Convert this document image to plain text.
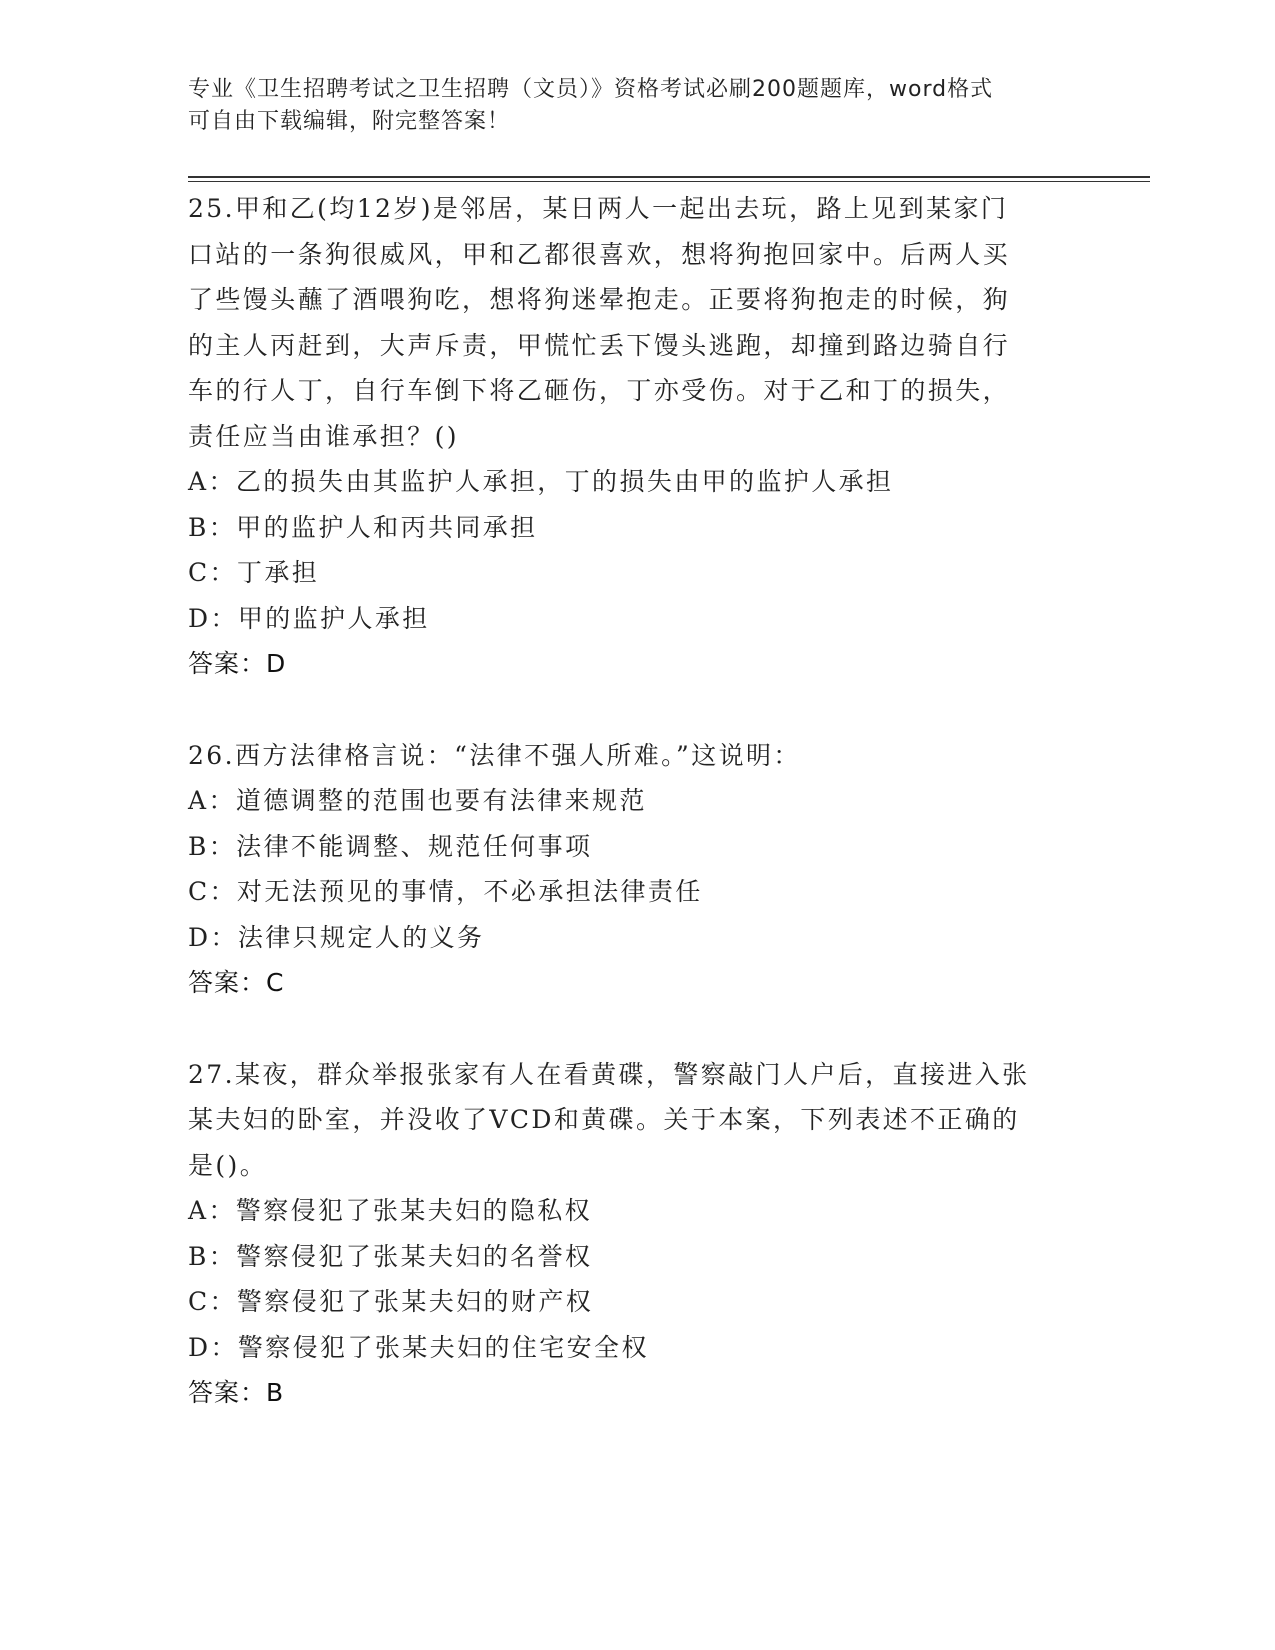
专业《卫生招聘考试之卫生招聘（文员）》资格考试必刷200题题库，word格式
可自由下载编辑，附完整答案！
25.甲和乙(均12岁)是邻居，某日两人一起出去玩，路上见到某家门
口站的一条狗很威风，甲和乙都很喜欢，想将狗抱回家中。后两人买
了些馒头蘸了酒喂狗吃，想将狗迷晕抱走。正要将狗抱走的时候，狗
的主人丙赶到，大声斥责，甲慌忙丢下馒头逃跑，却撞到路边骑自行
车的行人丁，自行车倒下将乙砸伤，丁亦受伤。对于乙和丁的损失，
责任应当由谁承担？()
A：乙的损失由其监护人承担，丁的损失由甲的监护人承担
B：甲的监护人和丙共同承担
C：丁承担
D：甲的监护人承担
答案：D
26.西方法律格言说：“法律不强人所难。”这说明：
A：道德调整的范围也要有法律来规范
B：法律不能调整、规范任何事项
C：对无法预见的事情，不必承担法律责任
D：法律只规定人的义务
答案：C
27.某夜，群众举报张家有人在看黄碟，警察敲门人户后，直接进入张
某夫妇的卧室，并没收了VCD和黄碟。关于本案，下列表述不正确的
是()。
A：警察侵犯了张某夫妇的隐私权
B：警察侵犯了张某夫妇的名誉权
C：警察侵犯了张某夫妇的财产权
D：警察侵犯了张某夫妇的住宅安全权
答案：B
